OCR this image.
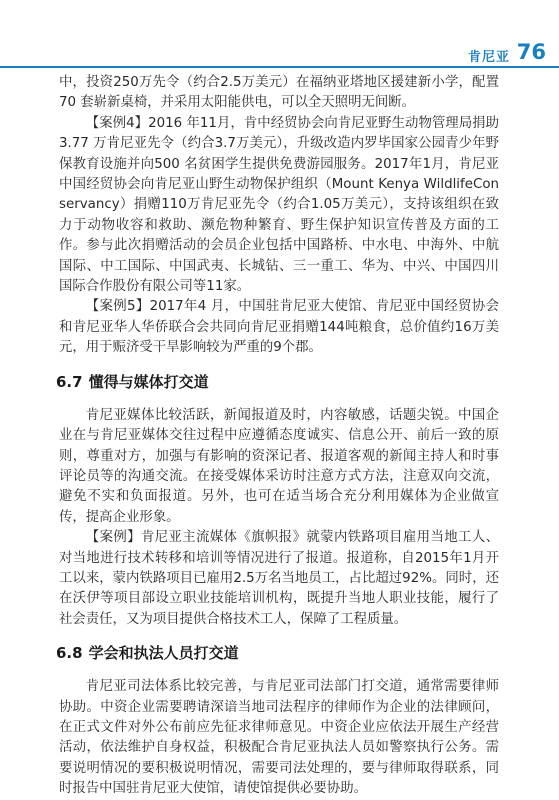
肯尼亚 76

中，投资250万先令（约合2.5万美元）在福纳亚塔地区援建新小学，配置70 套崭新桌椅，并采用太阳能供电，可以全天照明无间断。

【案例4】2016 年11月，肯中经贸协会向肯尼亚野生动物管理局捐助3.77 万肯尼亚先令（约合3.7万美元），升级改造内罗毕国家公园青少年野保教育设施并向500 名贫困学生提供免费游园服务。2017年1月，肯尼亚中国经贸协会向肯尼亚山野生动物保护组织（Mount Kenya WildlifeConservancy）捐赠110万肯尼亚先令（约合1.05万美元），支持该组织在致力于动物收容和救助、濒危物种繁育、野生保护知识宣传普及方面的工作。参与此次捐赠活动的会员企业包括中国路桥、中水电、中海外、中航国际、中工国际、中国武夷、长城钻、三一重工、华为、中兴、中国四川国际合作股份有限公司等11家。

【案例5】2017年4 月，中国驻肯尼亚大使馆、肯尼亚中国经贸协会和肯尼亚华人华侨联合会共同向肯尼亚捐赠144吨粮食，总价值约16万美元，用于赈济受干旱影响较为严重的9个郡。

6.7 懂得与媒体打交道

肯尼亚媒体比较活跃，新闻报道及时，内容敏感，话题尖锐。中国企业在与肯尼亚媒体交往过程中应遵循态度诚实、信息公开、前后一致的原则，尊重对方，加强与有影响的资深记者、报道客观的新闻主持人和时事评论员等的沟通交流。在接受媒体采访时注意方式方法，注意双向交流，避免不实和负面报道。另外，也可在适当场合充分利用媒体为企业做宣传，提高企业形象。

【案例】肯尼亚主流媒体《旗帜报》就蒙内铁路项目雇用当地工人、对当地进行技术转移和培训等情况进行了报道。报道称，自2015年1月开工以来，蒙内铁路项目已雇用2.5万名当地员工，占比超过92%。同时，还在沃伊等项目部设立职业技能培训机构，既提升当地人职业技能，履行了社会责任，又为项目提供合格技术工人，保障了工程质量。

6.8 学会和执法人员打交道

肯尼亚司法体系比较完善，与肯尼亚司法部门打交道，通常需要律师协助。中资企业需要聘请深谙当地司法程序的律师作为企业的法律顾问，在正式文件对外公布前应先征求律师意见。中资企业应依法开展生产经营活动，依法维护自身权益，积极配合肯尼亚执法人员如警察执行公务。需要说明情况的要积极说明情况，需要司法处理的，要与律师取得联系，同时报告中国驻肯尼亚大使馆，请使馆提供必要协助。
